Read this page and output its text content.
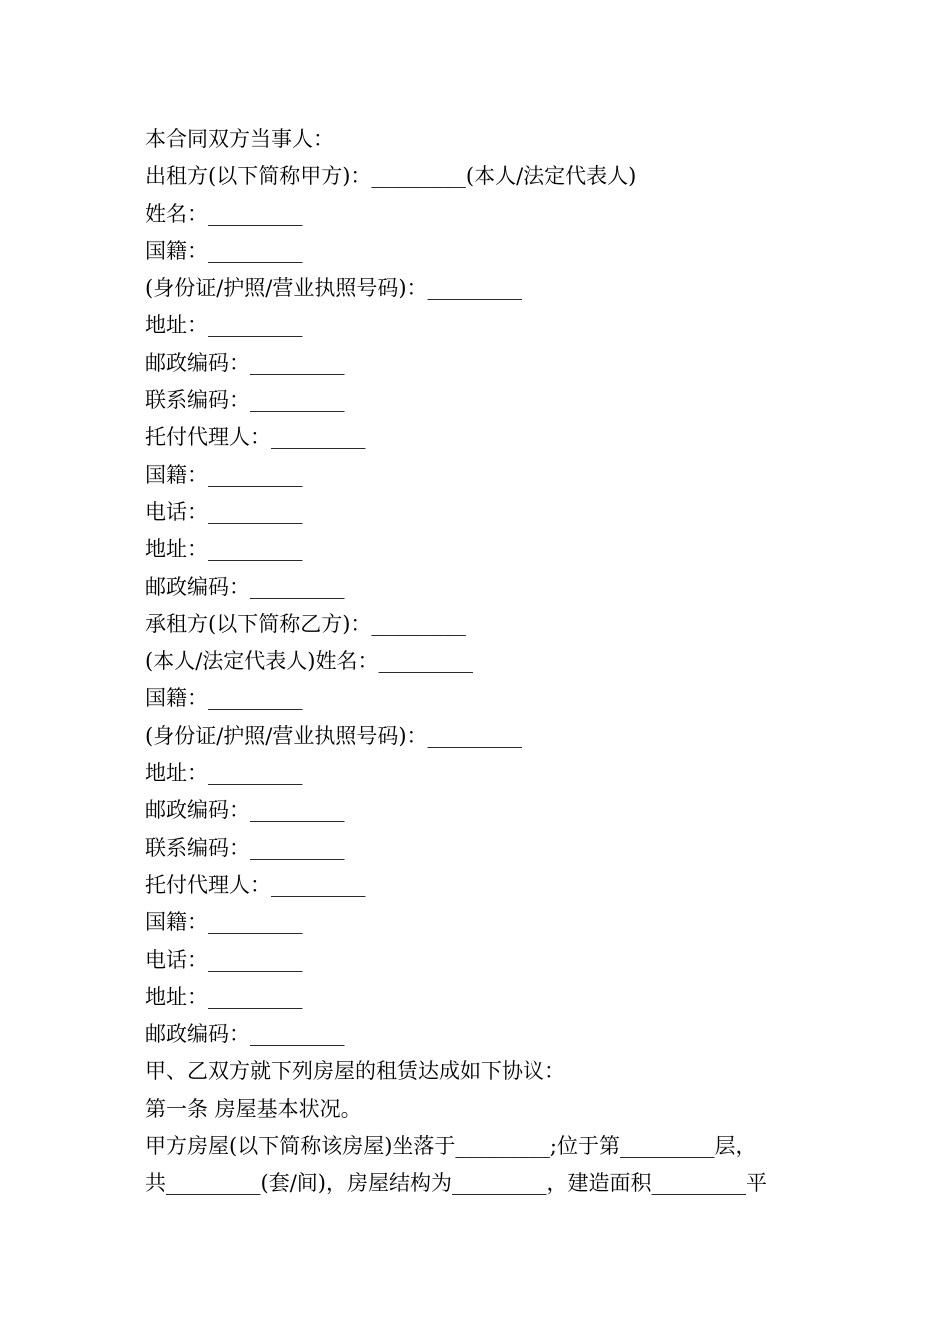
本合同双方当事人：
出租方(以下简称甲方)：_________(本人/法定代表人)
姓名：_________
国籍：_________
(身份证/护照/营业执照号码)：_________
地址：_________
邮政编码：_________
联系编码：_________
托付代理人：_________
国籍：_________
电话：_________
地址：_________
邮政编码：_________
承租方(以下简称乙方)：_________
(本人/法定代表人)姓名：_________
国籍：_________
(身份证/护照/营业执照号码)：_________
地址：_________
邮政编码：_________
联系编码：_________
托付代理人：_________
国籍：_________
电话：_________
地址：_________
邮政编码：_________
甲、乙双方就下列房屋的租赁达成如下协议：
第一条 房屋基本状况。
甲方房屋(以下简称该房屋)坐落于_________;位于第_________层，
共_________(套/间)，房屋结构为_________，建造面积_________平
